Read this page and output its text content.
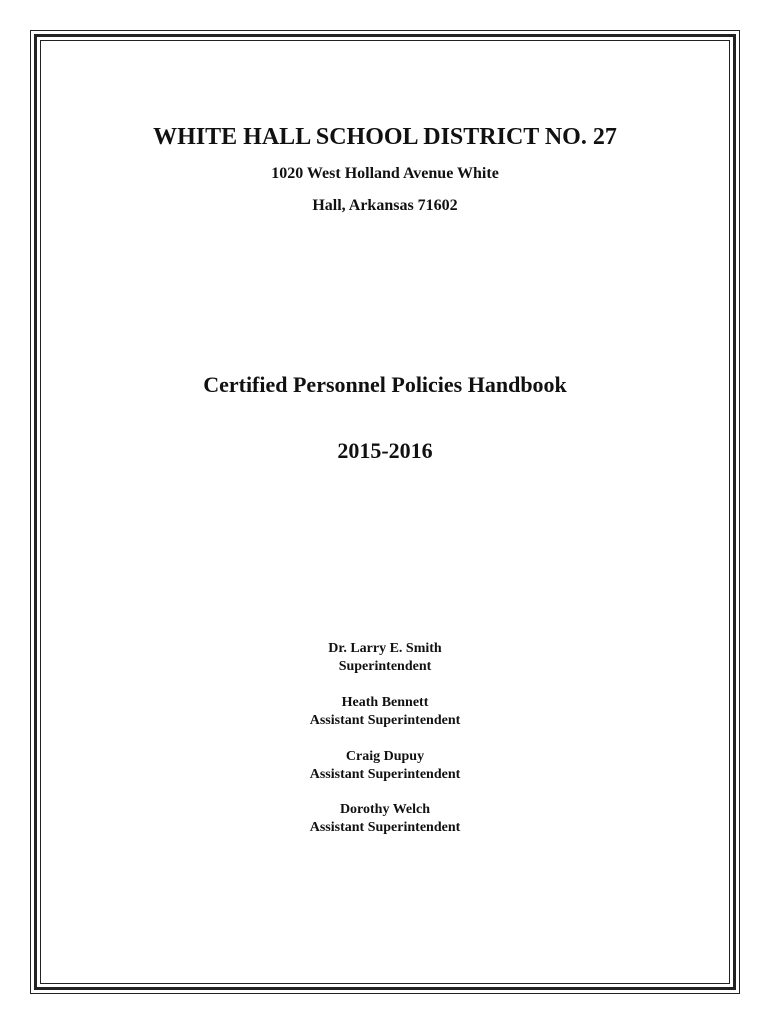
WHITE HALL SCHOOL DISTRICT NO. 27
1020 West Holland Avenue White
Hall, Arkansas 71602
Certified Personnel Policies Handbook
2015-2016
Dr. Larry E. Smith
Superintendent
Heath Bennett
Assistant Superintendent
Craig Dupuy
Assistant Superintendent
Dorothy Welch
Assistant Superintendent
